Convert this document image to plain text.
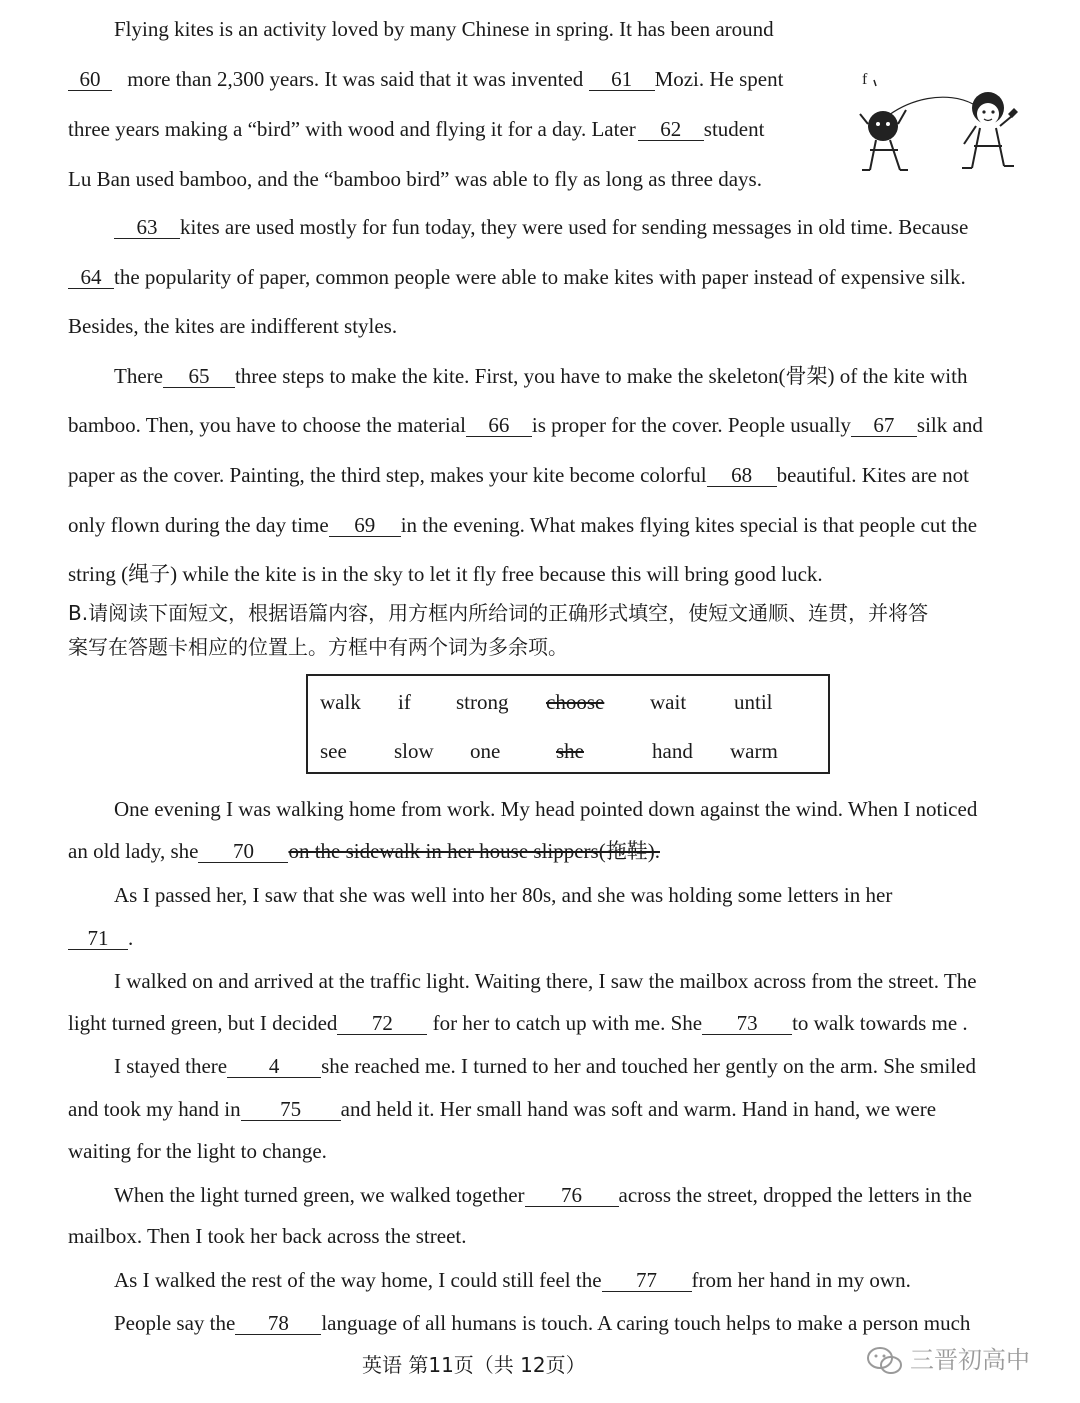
Flying kites is an activity loved by many Chinese in spring. It has been around
60 more than 2,300 years. It was said that it was invented 61 Mozi. He spent
three years making a “bird” with wood and flying it for a day. Later 62 student
Lu Ban used bamboo, and the “bamboo bird” was able to fly as long as three days.
f
63 kites are used mostly for fun today, they were used for sending messages in old time. Because
64 the popularity of paper, common people were able to make kites with paper instead of expensive silk.
Besides, the kites are indifferent styles.
There 65 three steps to make the kite. First, you have to make the skeleton(骨架) of the kite with
bamboo. Then, you have to choose the material 66 is proper for the cover. People usually 67 silk and
paper as the cover. Painting, the third step, makes your kite become colorful 68 beautiful. Kites are not
only flown during the day time 69 in the evening. What makes flying kites special is that people cut the
string (绳子) while the kite is in the sky to let it fly free because this will bring good luck.
B.请阅读下面短文，根据语篇内容，用方框内所给词的正确形式填空，使短文通顺、连贯，并将答
案写在答题卡相应的位置上。方框中有两个词为多余项。
walk if strong choose wait until
see slow one	she	hand warm
One evening I was walking home from work. My head pointed down against the wind. When I noticed
an old lady, she 70 on the sidewalk in her house slippers(拖鞋).
As I passed her, I saw that she was well into her 80s, and she was holding some letters in her
71 .
I walked on and arrived at the traffic light. Waiting there, I saw the mailbox across from the street. The
light turned green, but I decided 72 for her to catch up with me. She 73 to walk towards me .
I stayed there 4 she reached me. I turned to her and touched her gently on the arm. She smiled
and took my hand in 75 and held it. Her small hand was soft and warm. Hand in hand, we were
waiting for the light to change.
When the light turned green, we walked together 76 across the street, dropped the letters in the
mailbox. Then I took her back across the street.
As I walked the rest of the way home, I could still feel the 77 from her hand in my own.
People say the 78 language of all humans is touch. A caring touch helps to make a person much
英语 第11页（共 12页）	三晋初高中
